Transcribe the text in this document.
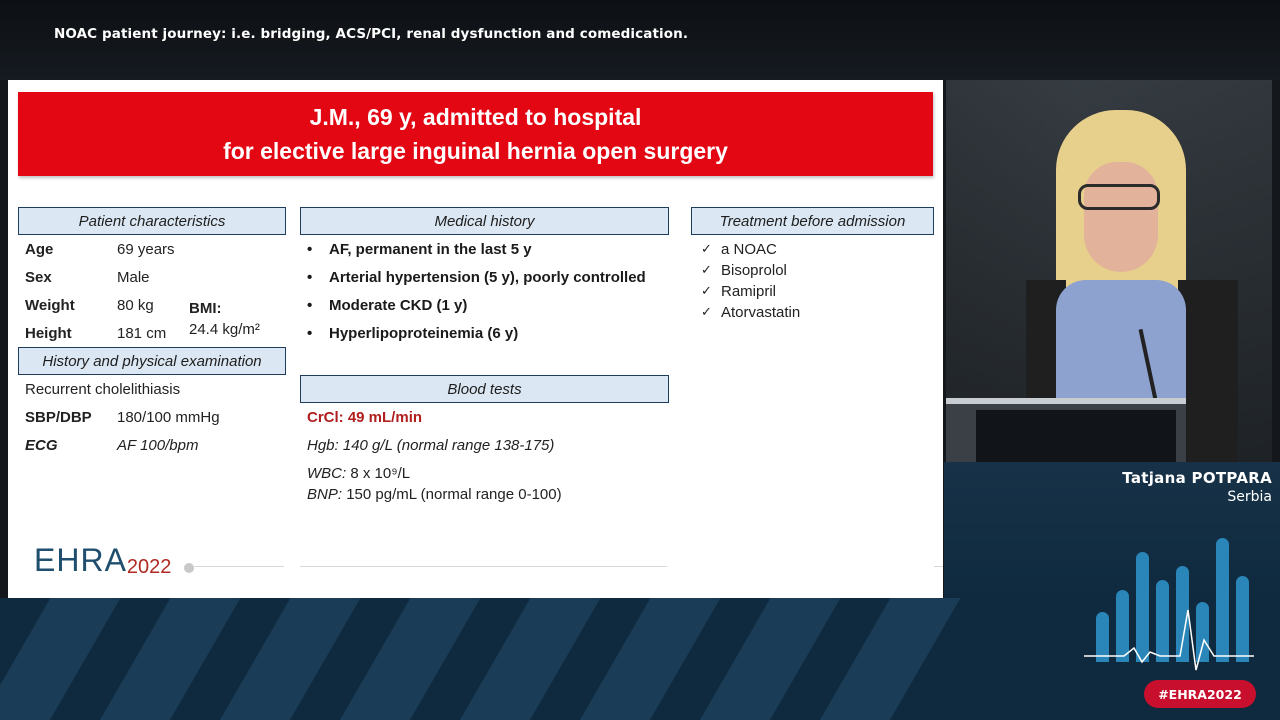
NOAC patient journey: i.e. bridging, ACS/PCI, renal dysfunction and comedication.
J.M., 69 y, admitted to hospital
for elective large inguinal hernia open surgery
Patient characteristics
Age	69 years
Sex	Male
Weight	80 kg
Height	181 cm
BMI:
24.4 kg/m²
History and physical examination
Recurrent cholelithiasis
SBP/DBP 180/100 mmHg
ECG	AF 100/bpm
Medical history
• AF, permanent in the last 5 y
• Arterial hypertension (5 y), poorly controlled
• Moderate CKD (1 y)
• Hyperlipoproteinemia (6 y)
Blood tests
CrCl: 49 mL/min
Hgb: 140 g/L (normal range 138-175)
WBC: 8 x 10⁹/L
BNP: 150 pg/mL (normal range 0-100)
Treatment before admission
✓ a NOAC
✓ Bisoprolol
✓ Ramipril
✓ Atorvastatin
EHRA2022
Tatjana POTPARA
Serbia
#EHRA2022
